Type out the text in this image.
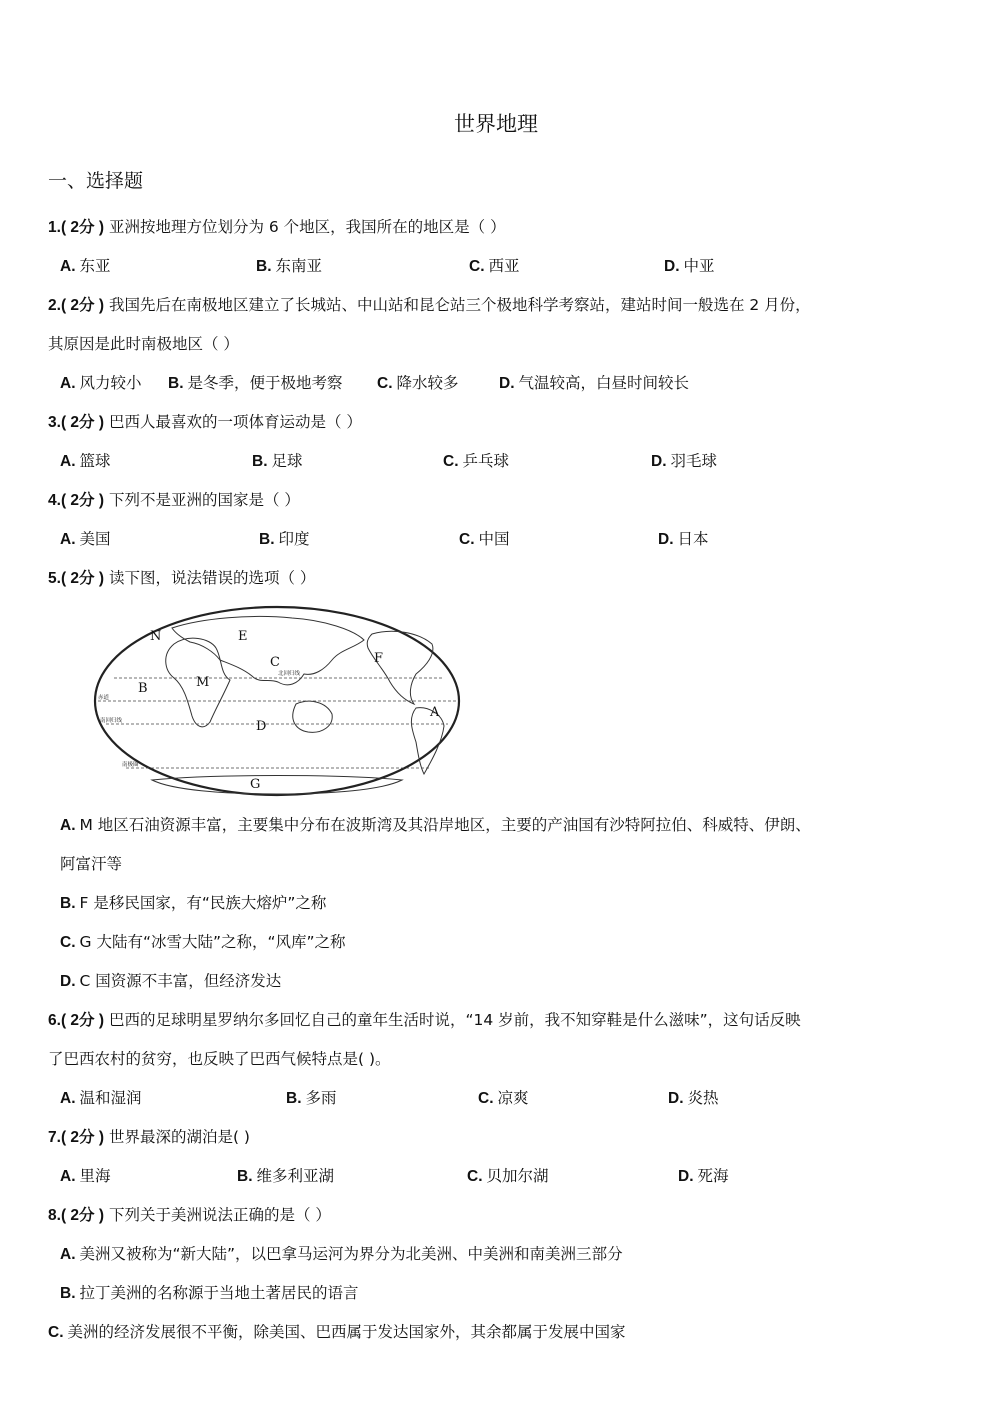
世界地理
一、选择题
1.( 2分 ) 亚洲按地理方位划分为 6 个地区，我国所在的地区是（ ）
A. 东亚	B. 东南亚	C. 西亚	D. 中亚
2.( 2分 ) 我国先后在南极地区建立了长城站、中山站和昆仑站三个极地科学考察站，建站时间一般选在 2 月份，
其原因是此时南极地区（ ）
A. 风力较小 B. 是冬季，便于极地考察 C. 降水较多	D. 气温较高，白昼时间较长
3.( 2分 ) 巴西人最喜欢的一项体育运动是（ ）
A. 篮球	B. 足球	C. 乒乓球	D. 羽毛球
4.( 2分 ) 下列不是亚洲的国家是（ ）
A. 美国	B. 印度	C. 中国	D. 日本
5.( 2分 ) 读下图，说法错误的选项（ ）
北回归线
赤道
南回归线
南极圈
A
B
C
D
E
F
G
M
N
A. M 地区石油资源丰富，主要集中分布在波斯湾及其沿岸地区，主要的产油国有沙特阿拉伯、科威特、伊朗、
阿富汗等
B. F 是移民国家，有“民族大熔炉”之称
C. G 大陆有“冰雪大陆”之称，“风库”之称
D. C 国资源不丰富，但经济发达
6.( 2分 ) 巴西的足球明星罗纳尔多回忆自己的童年生活时说，“14 岁前，我不知穿鞋是什么滋味”，这句话反映
了巴西农村的贫穷，也反映了巴西气候特点是( )。
A. 温和湿润	B. 多雨	C. 凉爽	D. 炎热
7.( 2分 ) 世界最深的湖泊是( )
A. 里海	B. 维多利亚湖	C. 贝加尔湖	D. 死海
8.( 2分 ) 下列关于美洲说法正确的是（ ）
A. 美洲又被称为“新大陆”，以巴拿马运河为界分为北美洲、中美洲和南美洲三部分
B. 拉丁美洲的名称源于当地土著居民的语言
C. 美洲的经济发展很不平衡，除美国、巴西属于发达国家外，其余都属于发展中国家
